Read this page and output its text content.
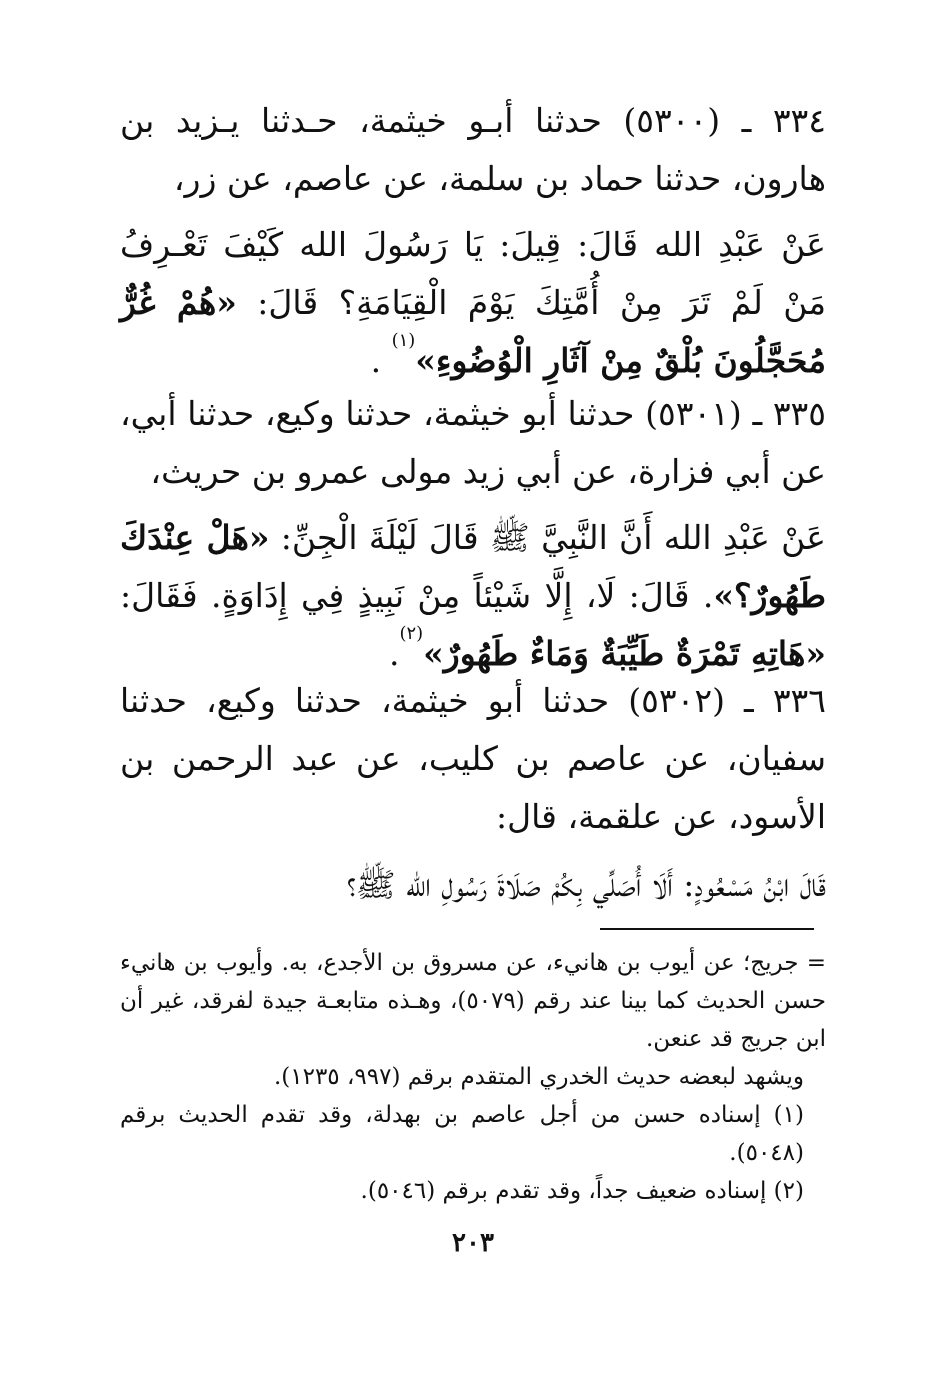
٣٣٤ ـ (٥٣٠٠) حدثنا أبـو خيثمة، حـدثنا يـزيد بن هارون، حدثنا حماد بن سلمة، عن عاصم، عن زر،
عَنْ عَبْدِ الله قَالَ: قِيلَ: يَا رَسُولَ الله كَيْفَ تَعْـرِفُ مَنْ لَمْ تَرَ مِنْ أُمَّتِكَ يَوْمَ الْقِيَامَةِ؟ قَالَ: «هُمْ غُرٌّ مُحَجَّلُونَ بُلْقٌ مِنْ آثَارِ الْوُضُوءِ»$^{(١)}$ .
٣٣٥ ـ (٥٣٠١) حدثنا أبو خيثمة، حدثنا وكيع، حدثنا أبي، عن أبي فزارة، عن أبي زيد مولى عمرو بن حريث،
عَنْ عَبْدِ الله أَنَّ النَّبِيَّ ﷺ قَالَ لَيْلَةَ الْجِنِّ: «هَلْ عِنْدَكَ طَهُورٌ؟». قَالَ: لَا، إِلَّا شَيْئاً مِنْ نَبِيذٍ فِي إِدَاوَةٍ. فَقَالَ: «هَاتِهِ تَمْرَةٌ طَيِّبَةٌ وَمَاءٌ طَهُورٌ»$^{(٢)}$.
٣٣٦ ـ (٥٣٠٢) حدثنا أبو خيثمة، حدثنا وكيع، حدثنا سفيان، عن عاصم بن كليب، عن عبد الرحمن بن الأسود، عن علقمة، قال:
قَالَ ابْنُ مَسْعُودٍ: أَلَا أُصَلِّي بِكُمْ صَلَاةَ رَسُولِ الله ﷺ؟

= جريج؛ عن أيوب بن هانيء، عن مسروق بن الأجدع، به. وأيوب بن هانيء حسن الحديث كما بينا عند رقم (٥٠٧٩)، وهـذه متابعـة جيدة لفرقد، غير أن ابن جريج قد عنعن.

ويشهد لبعضه حديث الخدري المتقدم برقم (٩٩٧، ١٢٣٥).

(١) إسناده حسن من أجل عاصم بن بهدلة، وقد تقدم الحديث برقم (٥٠٤٨).

(٢) إسناده ضعيف جداً، وقد تقدم برقم (٥٠٤٦).

٢٠٣
